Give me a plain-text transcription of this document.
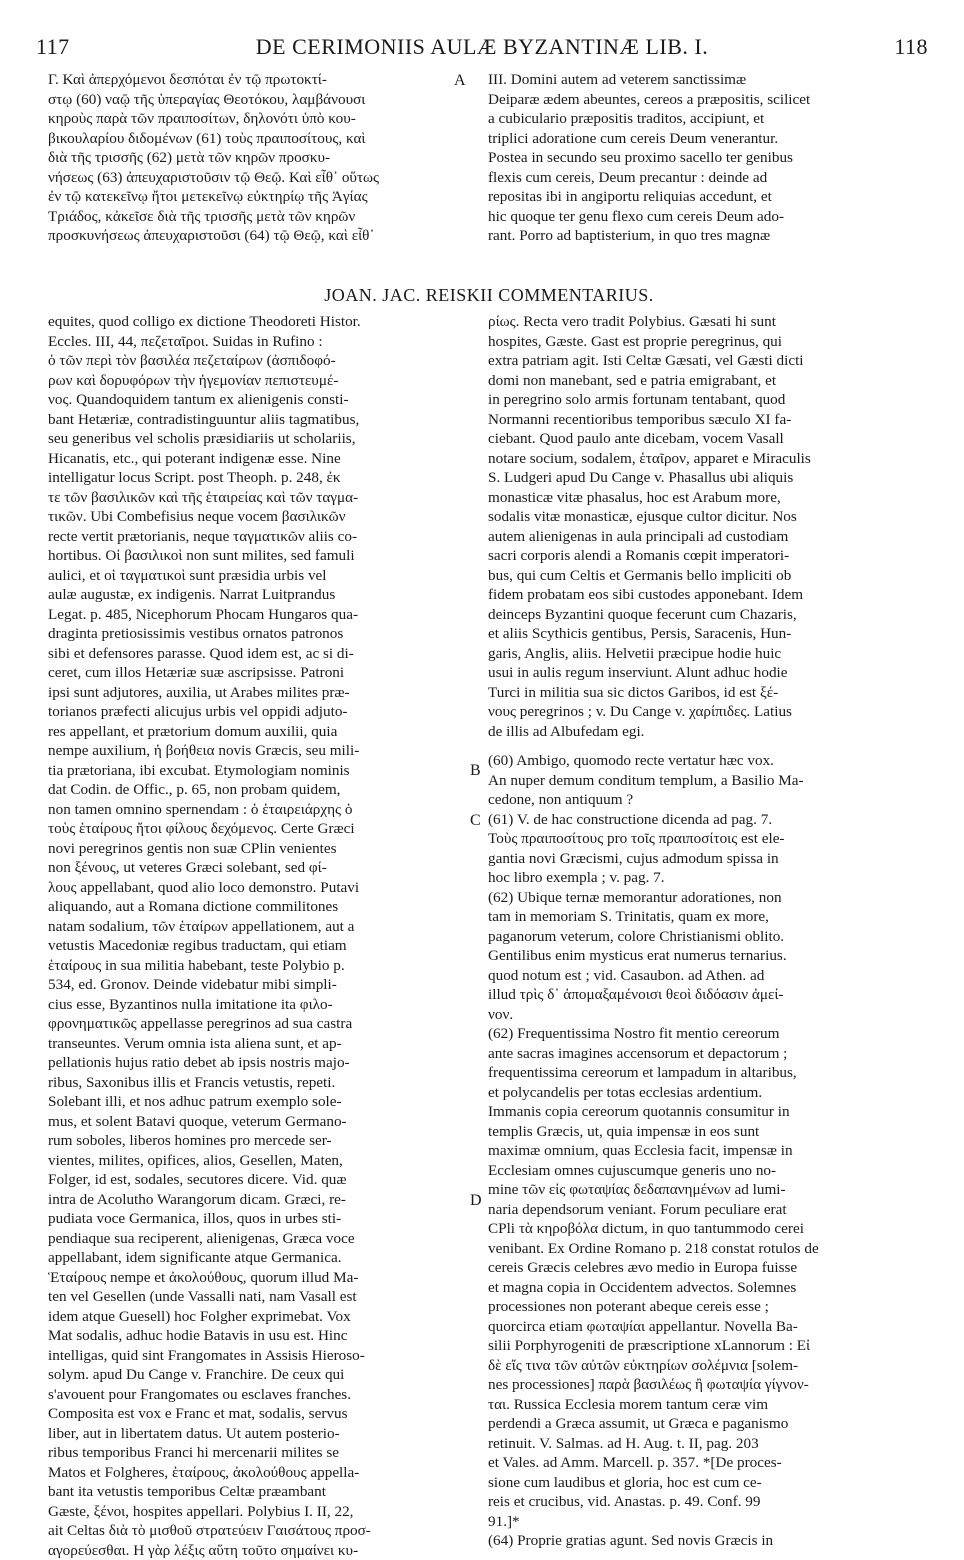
117	DE CERIMONIIS AULÆ BYZANTINÆ LIB. I.	118
Γ. Καὶ ἀπερχόμενοι δεσπόται ἐν τῷ πρωτοκτί-
στῳ (60) ναῷ τῆς ὑπεραγίας Θεοτόκου, λαμβάνουσι
κηροὺς παρὰ τῶν πραιποσίτων, δηλονότι ὑπὸ κου-
βικουλαρίου διδομένων (61) τοὺς πραιποσίτους, καὶ
διὰ τῆς τρισσῆς (62) μετὰ τῶν κηρῶν προσκυ-
νήσεως (63) ἀπευχαριστοῦσιν τῷ Θεῷ. Καὶ εἶθ᾽ οὕτως
ἐν τῷ κατεκεῖνῳ ἤτοι μετεκεῖνῳ εὐκτηρίῳ τῆς Ἁγίας
Τριάδος, κἀκεῖσε διὰ τῆς τρισσῆς μετὰ τῶν κηρῶν
προσκυνήσεως ἀπευχαριστοῦσι (64) τῷ Θεῷ, καὶ εἶθ᾽
III. Domini autem ad veterem sanctissimæ
Deiparæ ædem abeuntes, cereos a præpositis, scilicet
a cubiculario præpositis traditos, accipiunt, et
triplici adoratione cum cereis Deum venerantur.
Postea in secundo seu proximo sacello ter genibus
flexis cum cereis, Deum precantur : deinde ad
repositas ibi in angiportu reliquias accedunt, et
hic quoque ter genu flexo cum cereis Deum ado-
rant. Porro ad baptisterium, in quo tres magnæ
A
B
C
D
JOAN. JAC. REISKII COMMENTARIUS.
equites, quod colligo ex dictione Theodoreti Histor.
Eccles. III, 44, πεζεταῖροι. Suidas in Rufino :
ὁ τῶν περὶ τὸν βασιλέα πεζεταίρων (ἀσπιδοφό-
ρων καὶ δορυφόρων τὴν ἡγεμονίαν πεπιστευμέ-
νος. Quandoquidem tantum ex alienigenis consti-
bant Hetæriæ, contradistinguuntur aliis tagmatibus,
seu generibus vel scholis præsidiariis ut scholariis,
Hicanatis, etc., qui poterant indigenæ esse. Nine
intelligatur locus Script. post Theoph. p. 248, ἐκ
τε τῶν βασιλικῶν καὶ τῆς ἑταιρείας καὶ τῶν ταγμα-
τικῶν. Ubi Combefisius neque vocem βασιλικῶν
recte vertit prætorianis, neque ταγματικῶν aliis co-
hortibus. Οἱ βασιλικοὶ non sunt milites, sed famuli
aulici, et οἱ ταγματικοὶ sunt præsidia urbis vel
aulæ augustæ, ex indigenis. Narrat Luitprandus
Legat. p. 485, Nicephorum Phocam Hungaros qua-
draginta pretiosissimis vestibus ornatos patronos
sibi et defensores parasse. Quod idem est, ac si di-
ceret, cum illos Hetæriæ suæ ascripsisse. Patroni
ipsi sunt adjutores, auxilia, ut Arabes milites præ-
torianos præfecti alicujus urbis vel oppidi adjuto-
res appellant, et prætorium domum auxilii, quia
nempe auxilium, ἡ βοήθεια novis Græcis, seu mili-
tia prætoriana, ibi excubat. Etymologiam nominis
dat Codin. de Offic., p. 65, non probam quidem,
non tamen omnino spernendam : ὁ ἑταιρειάρχης ὁ
τοὺς ἑταίρους ἤτοι φίλους δεχόμενος. Certe Græci
novi peregrinos gentis non suæ CPlin venientes
non ξένους, ut veteres Græci solebant, sed φί-
λους appellabant, quod alio loco demonstro. Putavi
aliquando, aut a Romana dictione commilitones
natam sodalium, τῶν ἑταίρων appellationem, aut a
vetustis Macedoniæ regibus traductam, qui etiam
ἑταίρους in sua militia habebant, teste Polybio p.
534, ed. Gronov. Deinde videbatur mibi simpli-
cius esse, Byzantinos nulla imitatione ita φιλο-
φρονηματικῶς appellasse peregrinos ad sua castra
transeuntes. Verum omnia ista aliena sunt, et ap-
pellationis hujus ratio debet ab ipsis nostris majo-
ribus, Saxonibus illis et Francis vetustis, repeti.
Solebant illi, et nos adhuc patrum exemplo sole-
mus, et solent Batavi quoque, veterum Germano-
rum soboles, liberos homines pro mercede ser-
vientes, milites, opifices, alios, Gesellen, Maten,
Folger, id est, sodales, secutores dicere. Vid. quæ
intra de Acolutho Warangorum dicam. Græci, re-
pudiata voce Germanica, illos, quos in urbes sti-
pendiaque sua reciperent, alienigenas, Græca voce
appellabant, idem significante atque Germanica.
Ἑταίρους nempe et ἀκολούθους, quorum illud Ma-
ten vel Gesellen (unde Vassalli nati, nam Vasall est
idem atque Guesell) hoc Folgher exprimebat. Vox
Mat sodalis, adhuc hodie Batavis in usu est. Hinc
intelligas, quid sint Frangomates in Assisis Hieroso-
solym. apud Du Cange v. Franchire. De ceux qui
s'avouent pour Frangomates ou esclaves franches.
Composita est vox e Franc et mat, sodalis, servus
liber, aut in libertatem datus. Ut autem posterio-
ribus temporibus Franci hi mercenarii milites se
Matos et Folgheres, ἑταίρους, ἀκολούθους appella-
bant ita vetustis temporibus Celtæ præambant
Gæste, ξένοι, hospites appellari. Polybius I. II, 22,
ait Celtas διὰ τὸ μισθοῦ στρατεύειν Γαισάτους προσ-
αγορεύεσθαι. Η γὰρ λέξις αὕτη τοῦτο σημαίνει κυ-
ρίως. Recta vero tradit Polybius. Gæsati hi sunt
hospites, Gæste. Gast est proprie peregrinus, qui
extra patriam agit. Isti Celtæ Gæsati, vel Gæsti dicti
domi non manebant, sed e patria emigrabant, et
in peregrino solo armis fortunam tentabant, quod
Normanni recentioribus temporibus sæculo XI fa-
ciebant. Quod paulo ante dicebam, vocem Vasall
notare socium, sodalem, ἑταῖρον, apparet e Miraculis
S. Ludgeri apud Du Cange v. Phasallus ubi aliquis
monasticæ vitæ phasalus, hoc est Arabum more,
sodalis vitæ monasticæ, ejusque cultor dicitur. Nos
autem alienigenas in aula principali ad custodiam
sacri corporis alendi a Romanis cœpit imperatori-
bus, qui cum Celtis et Germanis bello impliciti ob
fidem probatam eos sibi custodes apponebant. Idem
deinceps Byzantini quoque fecerunt cum Chazaris,
et aliis Scythicis gentibus, Persis, Saracenis, Hun-
garis, Anglis, aliis. Helvetii præcipue hodie huic
usui in aulis regum inserviunt. Alunt adhuc hodie
Turci in militia sua sic dictos Garibos, id est ξέ-
νους peregrinos ; v. Du Cange v. χαρίπιδες. Latius
de illis ad Albufedam egi.
(60) Ambigo, quomodo recte vertatur hæc vox.
An nuper demum conditum templum, a Basilio Ma-
cedone, non antiquum ?
(61) V. de hac constructione dicenda ad pag. 7.
Τοὺς πραιποσίτους pro τοῖς πραιποσίτοις est ele-
gantia novi Græcismi, cujus admodum spissa in
hoc libro exempla ; v. pag. 7.
(62) Ubique ternæ memorantur adorationes, non
tam in memoriam S. Trinitatis, quam ex more,
paganorum veterum, colore Christianismi oblito.
Gentilibus enim mysticus erat numerus ternarius.
quod notum est ; vid. Casaubon. ad Athen. ad
illud τρὶς δ᾽ ἀπομαξαμένοισι θεοὶ διδόασιν ἀμεί-
νον.
(62) Frequentissima Nostro fit mentio cereorum
ante sacras imagines accensorum et depactorum ;
frequentissima cereorum et lampadum in altaribus,
et polycandelis per totas ecclesias ardentium.
Immanis copia cereorum quotannis consumitur in
templis Græcis, ut, quia impensæ in eos sunt
maximæ omnium, quas Ecclesia facit, impensæ in
Ecclesiam omnes cujuscumque generis uno no-
mine τῶν εἰς φωταψίας δεδαπανημένων ad lumi-
naria dependsorum veniant. Forum peculiare erat
CPli τὰ κηροβόλα dictum, in quo tantummodo cerei
venibant. Ex Ordine Romano p. 218 constat rotulos de
cereis Græcis celebres ævo medio in Europa fuisse
et magna copia in Occidentem advectos. Solemnes
processiones non poterant abeque cereis esse ;
quorcirca etiam φωταψίαι appellantur. Novella Ba-
silii Porphyrogeniti de præscriptione xLannorum : Εἰ
δὲ εἴς τινα τῶν αὐτῶν εὐκτηρίων σολέμνια [solem-
nes processiones] παρὰ βασιλέως ἢ φωταψία γίγνον-
ται. Russica Ecclesia morem tantum ceræ vim
perdendi a Græca assumit, ut Græca e paganismo
retinuit. V. Salmas. ad H. Aug. t. II, pag. 203
et Vales. ad Amm. Marcell. p. 357. *[De proces-
sione cum laudibus et gloria, hoc est cum ce-
reis et crucibus, vid. Anastas. p. 49. Conf. 99
91.]*
(64) Proprie gratias agunt. Sed novis Græcis in
